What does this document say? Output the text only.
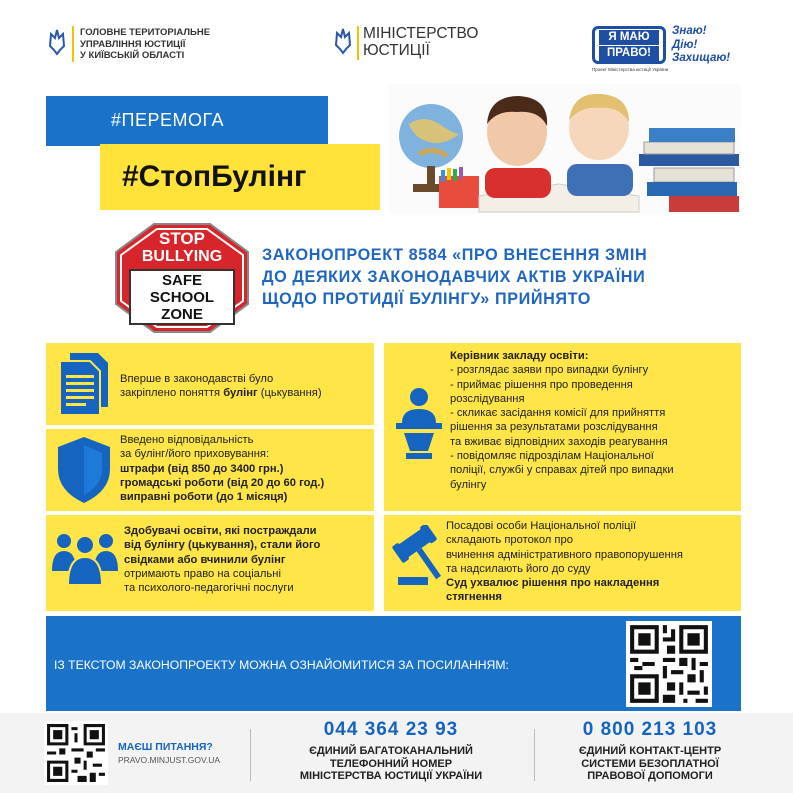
ГОЛОВНЕ ТЕРИТОРІАЛЬНЕ
УПРАВЛІННЯ ЮСТИЦІЇ
У КИЇВСЬКІЙ ОБЛАСТІ
МІНІСТЕРСТВО
ЮСТИЦІЇ
Я МАЮ
ПРАВО!
Проект Міністерства юстиції України
Знаю!
Дію!
Захищаю!
#ПЕРЕМОГА
#СтопБулінг
STOP
BULLYING
SAFE
SCHOOL
ZONE
ЗАКОНОПРОЕКТ 8584 «ПРО ВНЕСЕННЯ ЗМІН
ДО ДЕЯКИХ ЗАКОНОДАВЧИХ АКТІВ УКРАЇНИ
ЩОДО ПРОТИДІЇ БУЛІНГУ» ПРИЙНЯТО
Вперше в законодавстві було
закріплено поняття булінг (цькування)
Введено відповідальність
за булінг/його приховування:
штрафи (від 850 до 3400 грн.)
громадські роботи (від 20 до 60 год.)
виправні роботи (до 1 місяця)
Здобувачі освіти, які постраждали
від булінгу (цькування), стали його
свідками або вчинили булінг
отримають право на соціальні
та психолого-педагогічні послуги
Керівник закладу освіти:
- розглядає заяви про випадки булінгу
- приймає рішення про проведення
розслідування
- скликає засідання комісії для прийняття
рішення за результатами розслідування
та вживає відповідних заходів реагування
- повідомляє підрозділам Національної
поліції, службі у справах дітей про випадки
булінгу
Посадові особи Національної поліції
складають протокол про
вчинення адміністративного правопорушення
та надсилають його до суду
Суд ухвалює рішення про накладення
стягнення
ІЗ ТЕКСТОМ ЗАКОНОПРОЕКТУ МОЖНА ОЗНАЙОМИТИСЯ ЗА ПОСИЛАННЯМ:
МАЄШ ПИТАННЯ?
PRAVO.MINJUST.GOV.UA
044 364 23 93
ЄДИНИЙ БАГАТОКАНАЛЬНИЙ
ТЕЛЕФОННИЙ НОМЕР
МІНІСТЕРСТВА ЮСТИЦІЇ УКРАЇНИ
0 800 213 103
ЄДИНИЙ КОНТАКТ-ЦЕНТР
СИСТЕМИ БЕЗОПЛАТНОЇ
ПРАВОВОЇ ДОПОМОГИ
